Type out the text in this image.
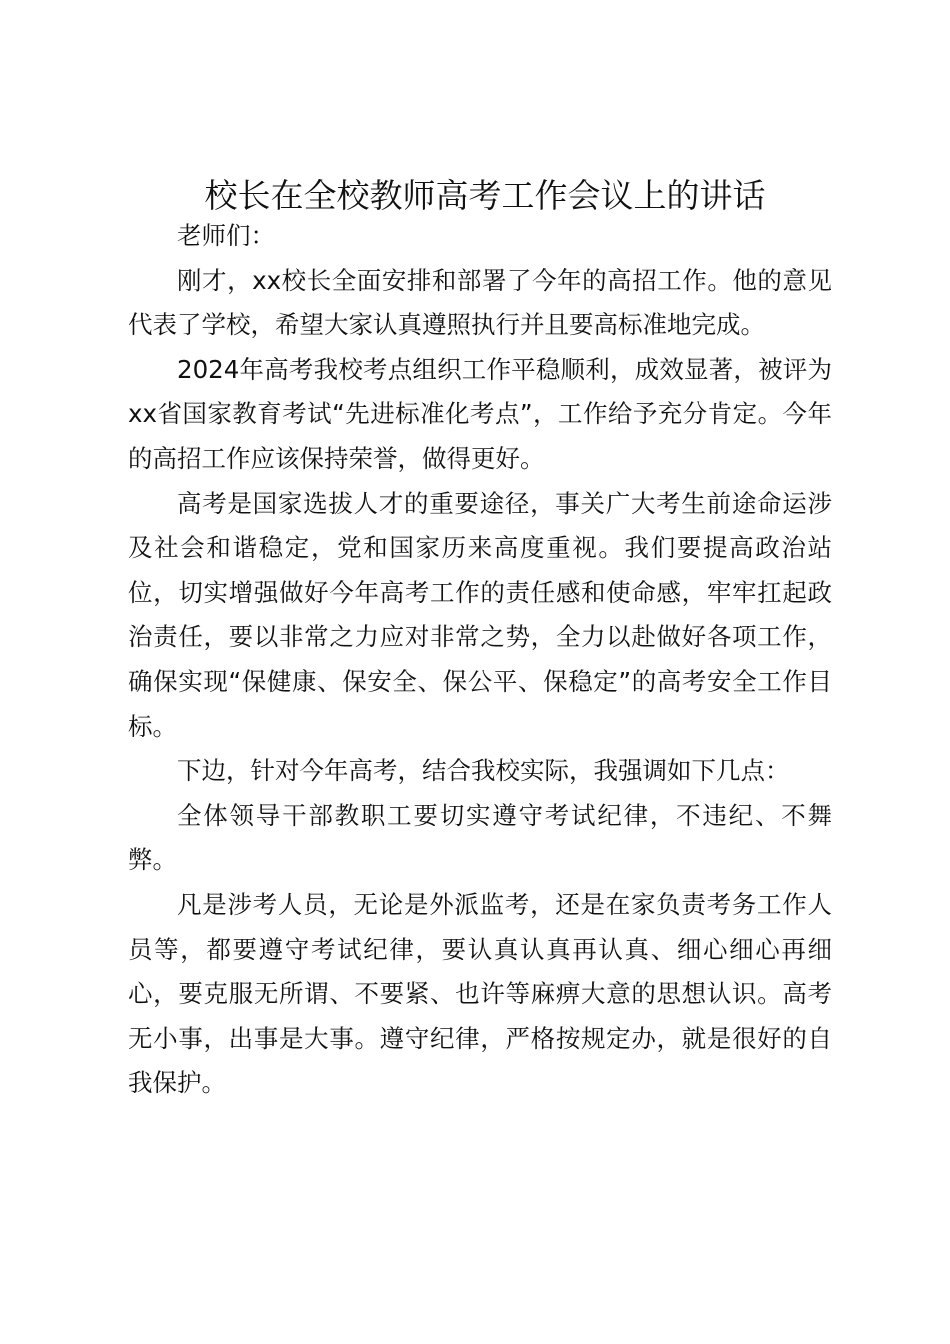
校长在全校教师高考工作会议上的讲话

老师们：

刚才，xx校长全面安排和部署了今年的高招工作。他的意见代表了学校，希望大家认真遵照执行并且要高标准地完成。

2024年高考我校考点组织工作平稳顺利，成效显著，被评为xx省国家教育考试“先进标准化考点”，工作给予充分肯定。今年的高招工作应该保持荣誉，做得更好。

高考是国家选拔人才的重要途径，事关广大考生前途命运涉及社会和谐稳定，党和国家历来高度重视。我们要提高政治站位，切实增强做好今年高考工作的责任感和使命感，牢牢扛起政治责任，要以非常之力应对非常之势，全力以赴做好各项工作，确保实现“保健康、保安全、保公平、保稳定”的高考安全工作目标。

下边，针对今年高考，结合我校实际，我强调如下几点：

全体领导干部教职工要切实遵守考试纪律，不违纪、不舞弊。

凡是涉考人员，无论是外派监考，还是在家负责考务工作人员等，都要遵守考试纪律，要认真认真再认真、细心细心再细心，要克服无所谓、不要紧、也许等麻痹大意的思想认识。高考无小事，出事是大事。遵守纪律，严格按规定办，就是很好的自我保护。
